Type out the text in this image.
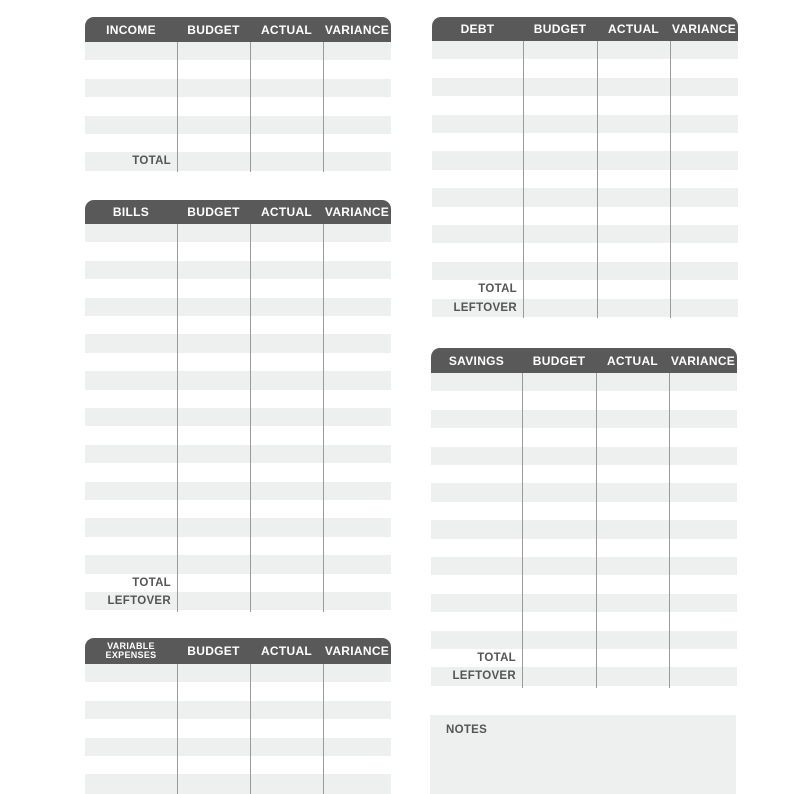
INCOME	BUDGET	ACTUAL	VARIANCE
TOTAL
DEBT	BUDGET	ACTUAL	VARIANCE
TOTAL
LEFTOVER
BILLS	BUDGET	ACTUAL	VARIANCE
TOTAL
LEFTOVER
SAVINGS	BUDGET	ACTUAL	VARIANCE
TOTAL
LEFTOVER
VARIABLE
EXPENSES	BUDGET	ACTUAL	VARIANCE
NOTES
